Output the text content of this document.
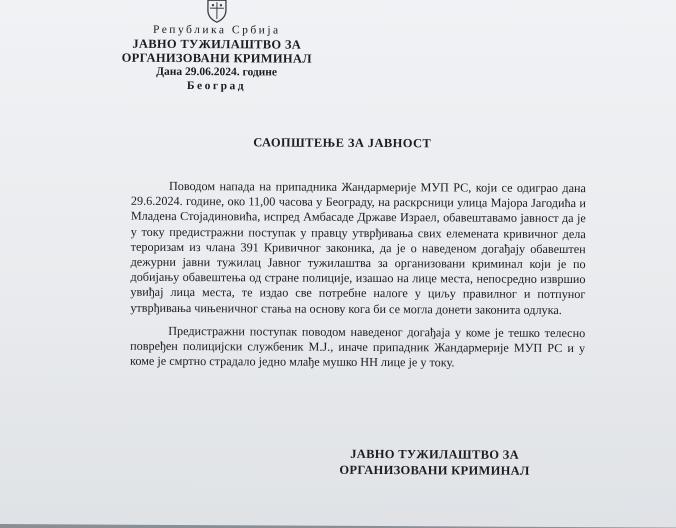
Република Србија
ЈАВНО ТУЖИЛАШТВО ЗА
ОРГАНИЗОВАНИ КРИМИНАЛ
Дана 29.06.2024. године
Београд
САОПШТЕЊЕ ЗА ЈАВНОСТ

Поводом напада на припадника Жандармерије МУП РС, који се одиграо дана 29.6.2024. године, око 11,00 часова у Београду, на раскрсници улица Мајора Јагодића и Младена Стојадиновића, испред Амбасаде Државе Израел, обавештавамо јавност да је у току предистражни поступак у правцу утврђивања свих елемената кривичног дела тероризам из члана 391 Кривичног законика, да је о наведеном догађају обавештен дежурни јавни тужилац Јавног тужилаштва за организовани криминал који је по добијању обавештења од стране полиције, изашао на лице места, непосредно извршио увиђај лица места, те издао све потребне налоге у циљу правилног и потпуног утврђивања чињеничног стања на основу кога би се могла донети законита одлука.

Предистражни поступак поводом наведеног догађаја у коме је тешко телесно повређен полицијски службеник М.Ј., иначе припадник Жандармерије МУП РС и у коме је смртно страдало једно млађе мушко НН лице је у току.

ЈАВНО ТУЖИЛАШТВО ЗА
ОРГАНИЗОВАНИ КРИМИНАЛ
